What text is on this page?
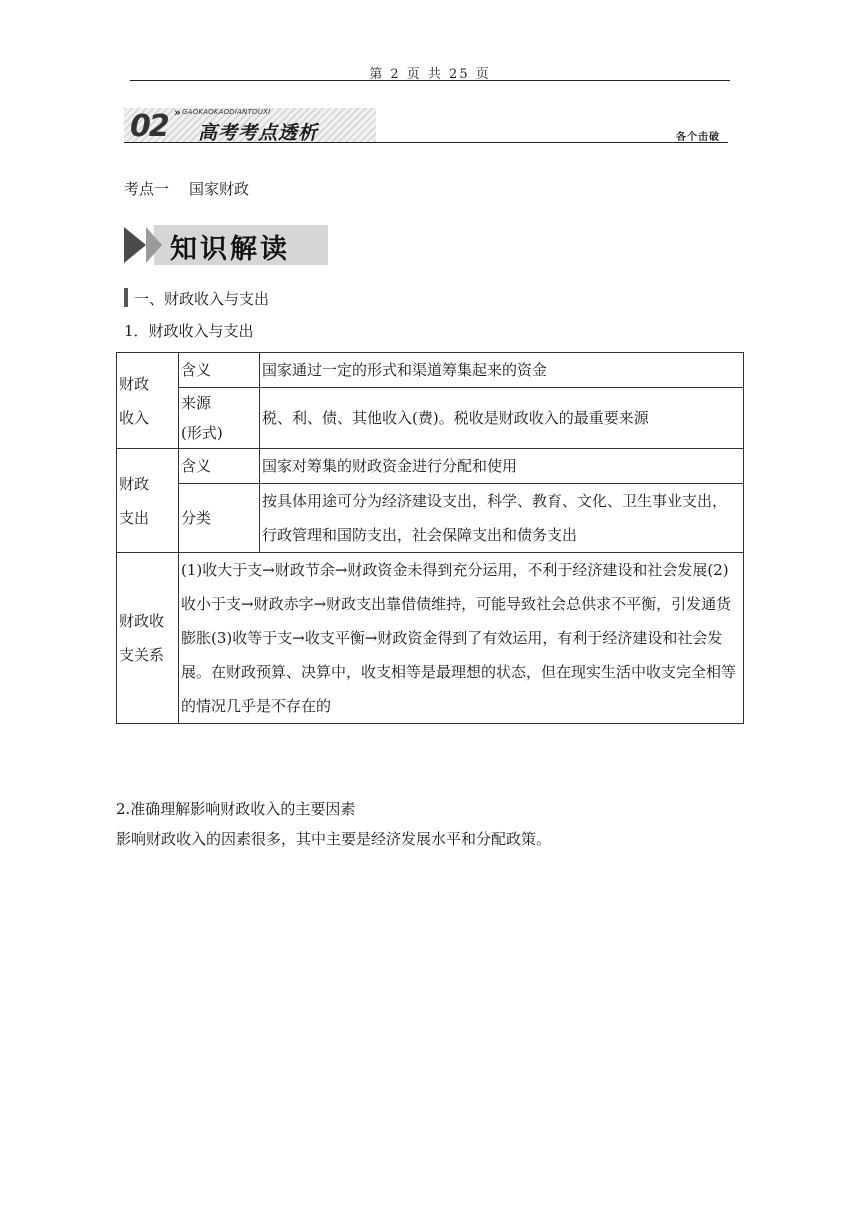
第 2 页 共 25 页
02 » GAOKAOKAODIANTOUXI
高考考点透析	各个击破
考点一 国家财政
知识解读
一、财政收入与支出
1．财政收入与支出
财政
收入	含义	国家通过一定的形式和渠道筹集起来的资金

	来源
(形式)	税、利、债、其他收入(费)。税收是财政收入的最重要来源

财政
支出	含义	国家对筹集的财政资金进行分配和使用
	分类	按具体用途可分为经济建设支出，科学、教育、文化、卫生事业支出，行政管理和国防支出，社会保障支出和债务支出

财政收
支关系	(1)收大于支→财政节余→财政资金未得到充分运用，不利于经济建设和社会发展(2)收小于支→财政赤字→财政支出靠借债维持，可能导致社会总供求不平衡，引发通货膨胀(3)收等于支→收支平衡→财政资金得到了有效运用，有利于经济建设和社会发展。在财政预算、决算中，收支相等是最理想的状态，但在现实生活中收支完全相等的情况几乎是不存在的	
2.准确理解影响财政收入的主要因素
影响财政收入的因素很多，其中主要是经济发展水平和分配政策。
